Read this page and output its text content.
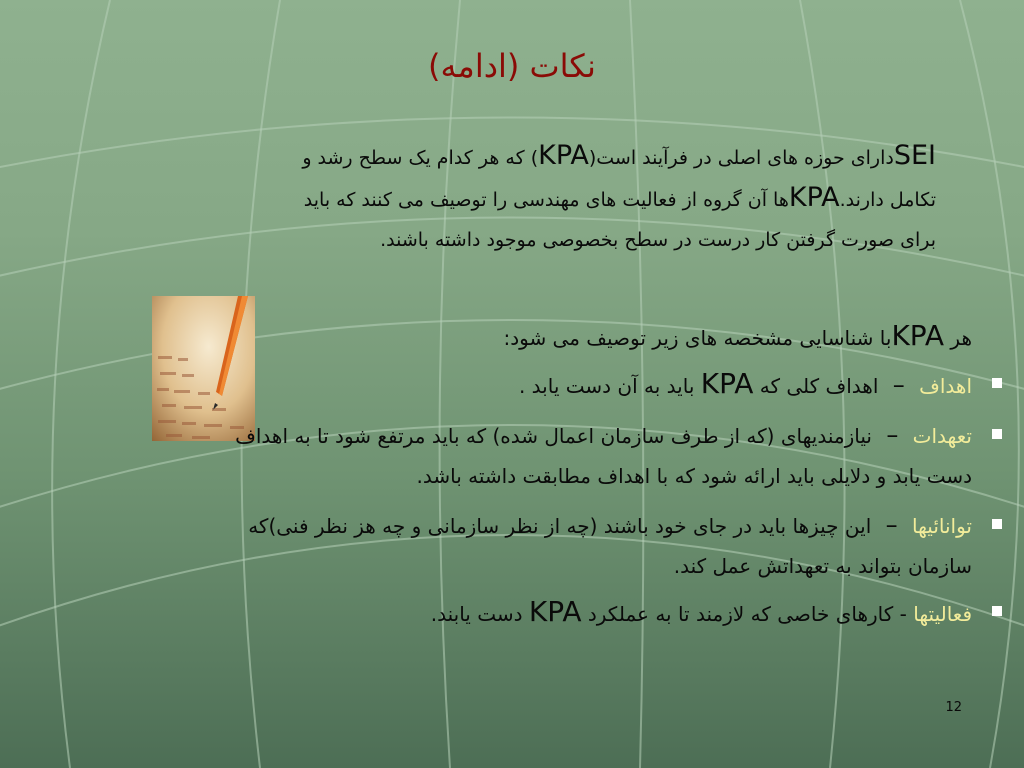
نکات (ادامه)
SEIدارای حوزه های اصلی در فرآیند است(KPA) که هر کدام یک سطح رشد و
تکامل دارند.KPAها آن گروه از فعالیت های مهندسی را توصیف می کنند که باید
برای صورت گرفتن کار درست در سطح بخصوصی موجود داشته باشند.
هر KPAبا شناسایی مشخصه های زیر توصیف می شود:
اهداف – اهداف کلی که KPA باید به آن دست یابد .
تعهدات – نیازمندیهای (که از طرف سازمان اعمال شده) که باید مرتفع شود تا به اهداف دست یابد و دلایلی باید ارائه شود که با اهداف مطابقت داشته باشد.
توانائیها – این چیزها باید در جای خود باشند (چه از نظر سازمانی و چه هز نظر فنی)که سازمان بتواند به تعهداتش عمل کند.
فعالیتها - کارهای خاصی که لازمند تا به عملکرد KPA دست یابند.
12
